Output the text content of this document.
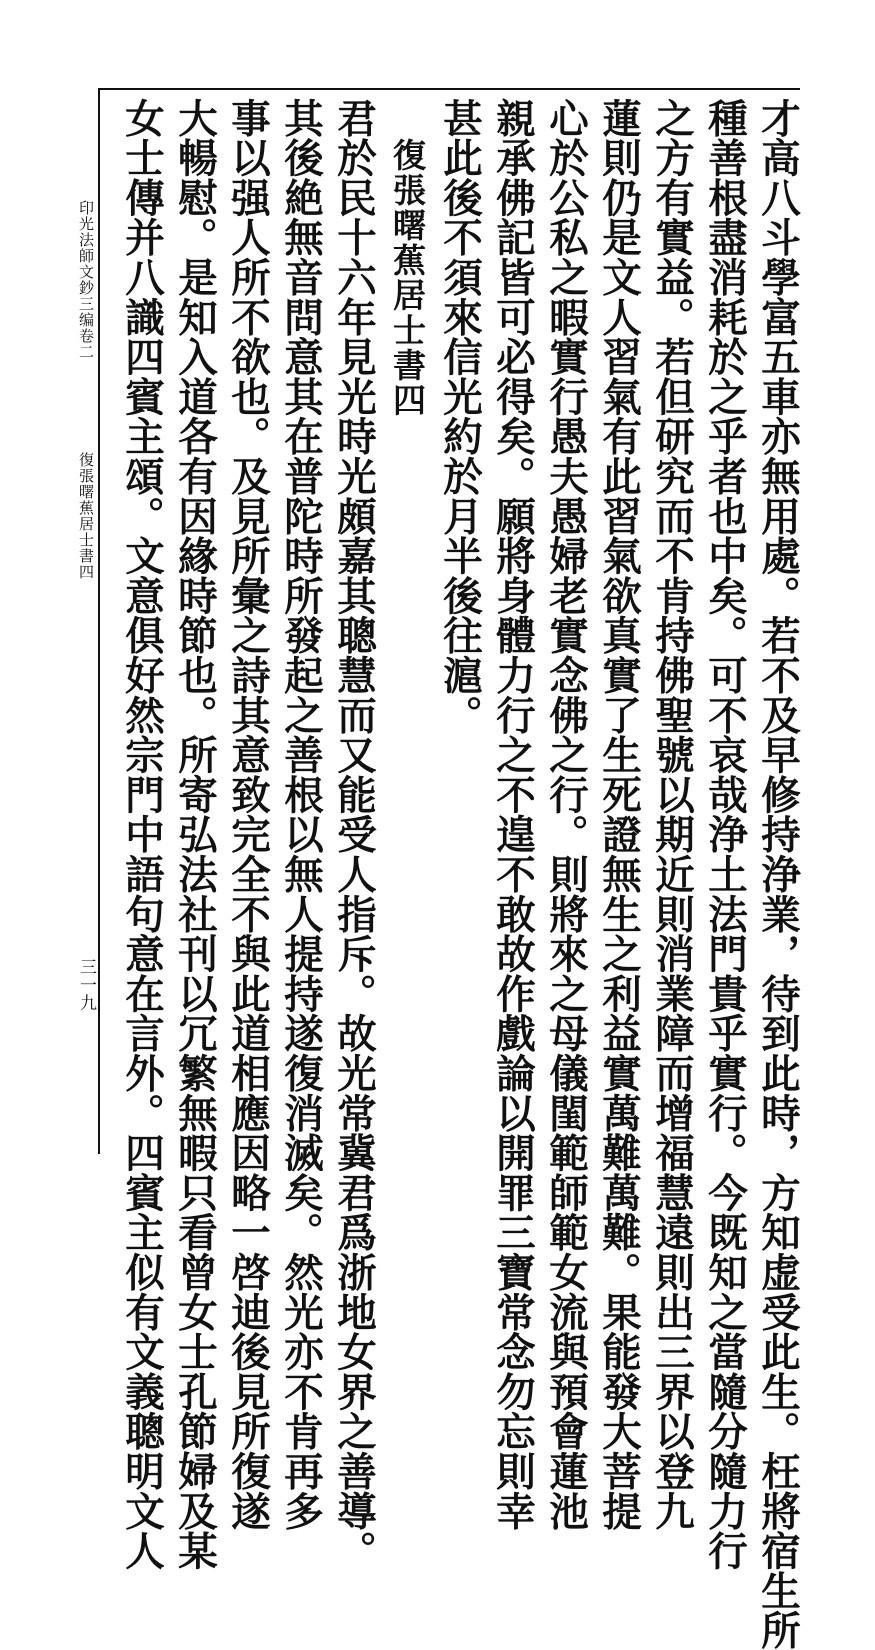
印光法師文鈔三编卷二
復張曙蕉居士書四
三一九	才高八斗學富五車亦無用處。若不及早修持浄業，待到此時，方知虚受此生。枉將宿生所
種善根盡消耗於之乎者也中矣。可不哀哉浄土法門貴乎實行。今既知之當隨分隨力行
之方有實益。若但研究而不肯持佛聖號以期近則消業障而增福慧遠則出三界以登九
蓮則仍是文人習氣有此習氣欲真實了生死證無生之利益實萬難萬難。果能發大菩提
心於公私之暇實行愚夫愚婦老實念佛之行。則將來之母儀閨範師範女流與預會蓮池
親承佛記皆可必得矣。願將身體力行之不遑不敢故作戲論以開罪三寶常念勿忘則幸
甚此後不須來信光約於月半後往滬。
復張曙蕉居士書四
君於民十六年見光時光頗嘉其聰慧而又能受人指斥。故光常冀君爲浙地女界之善導。
其後絶無音問意其在普陀時所發起之善根以無人提持遂復消滅矣。然光亦不肯再多
事以强人所不欲也。及見所彙之詩其意致完全不與此道相應因略一啓迪後見所復遂
大暢慰。是知入道各有因緣時節也。所寄弘法社刊以冗繁無暇只看曾女士孔節婦及某
女士傳并八識四賓主頌。文意俱好然宗門中語句意在言外。四賓主似有文義聰明文人
